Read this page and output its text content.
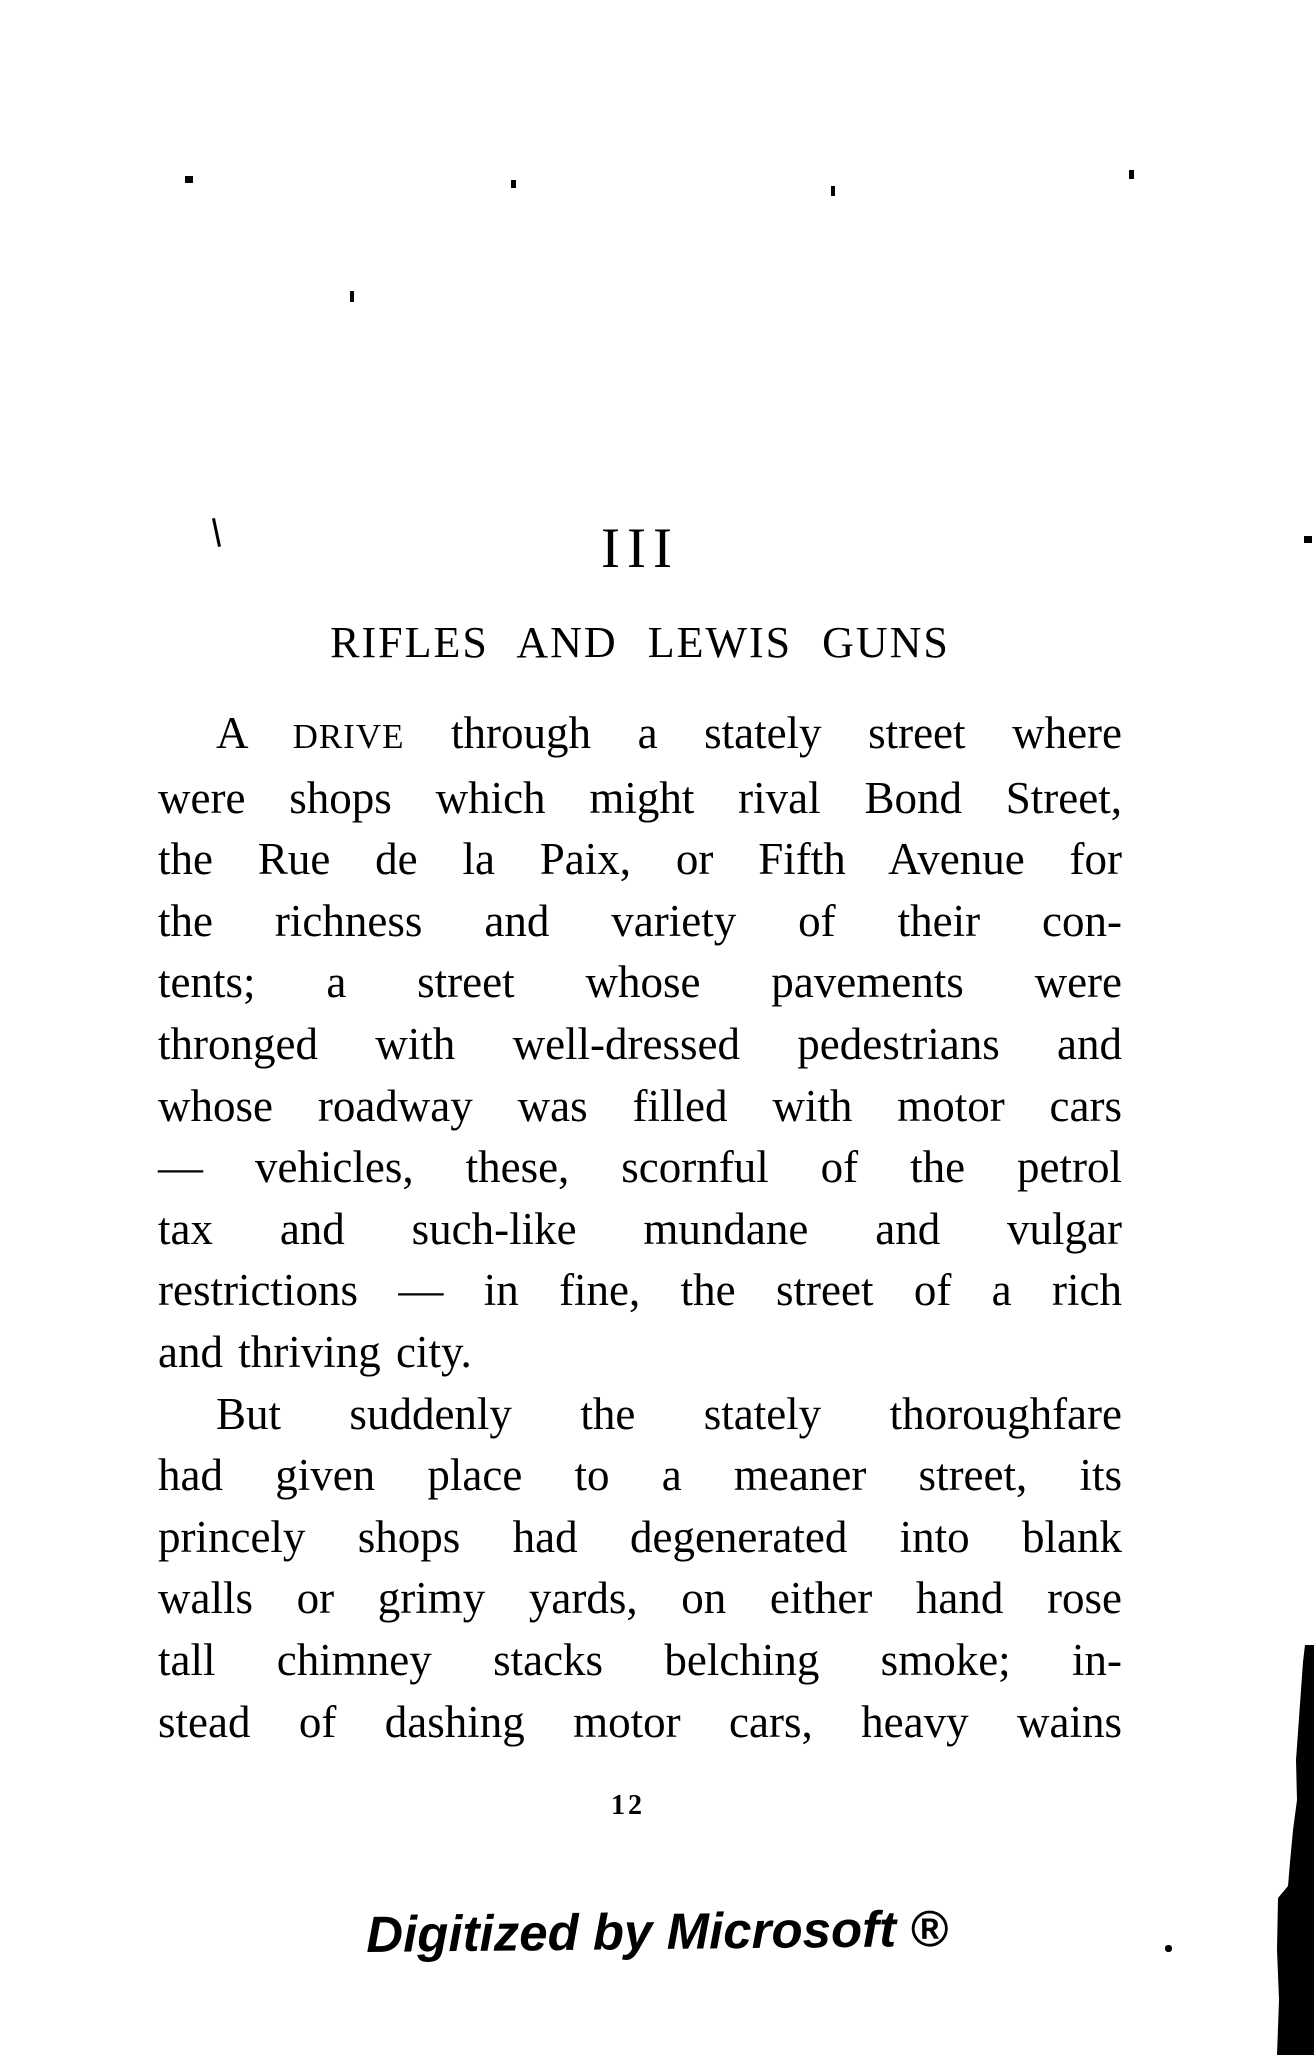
III
RIFLES AND LEWIS GUNS
A DRIVE through a stately street where
were shops which might rival Bond Street,
the Rue de la Paix, or Fifth Avenue for
the richness and variety of their con-
tents; a street whose pavements were
thronged with well-dressed pedestrians and
whose roadway was filled with motor cars
— vehicles, these, scornful of the petrol
tax and such-like mundane and vulgar
restrictions — in fine, the street of a rich
and thriving city.
But suddenly the stately thoroughfare
had given place to a meaner street, its
princely shops had degenerated into blank
walls or grimy yards, on either hand rose
tall chimney stacks belching smoke; in-
stead of dashing motor cars, heavy wains
12
Digitized by Microsoft ®
